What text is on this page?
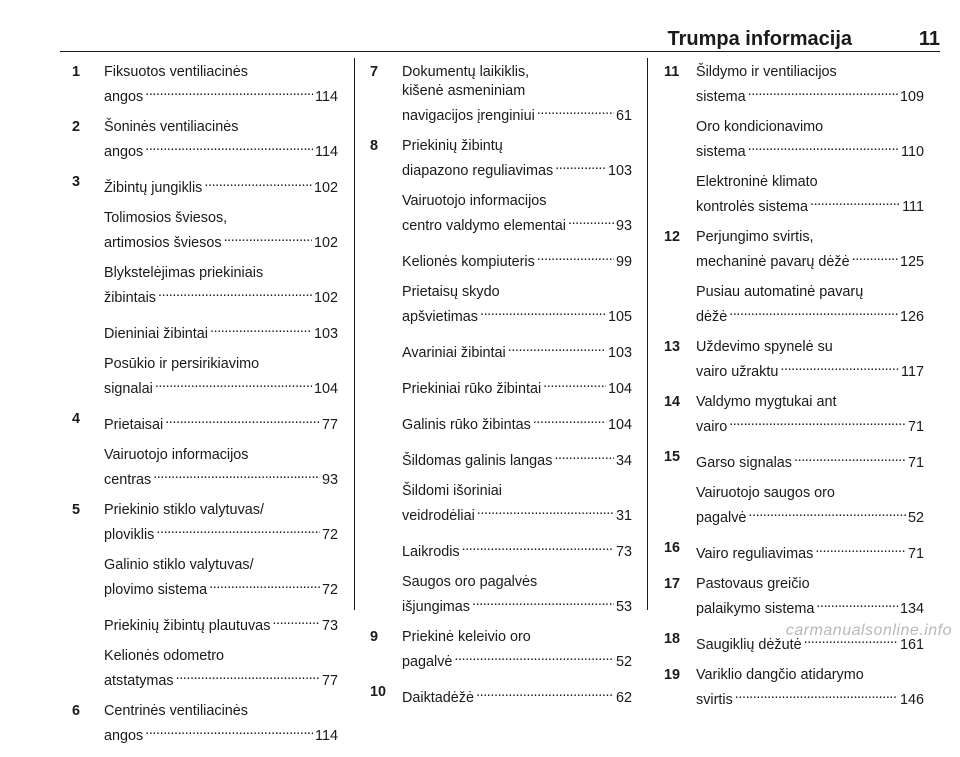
Trumpa informacija	11
1 Fiksuotos ventiliacinės
angos . . .	114
2 Šoninės ventiliacinės
angos . . .	114
3 Žibintų jungiklis . . .	102
Tolimosios šviesos,
artimosios šviesos . . .	102
Blykstelėjimas priekiniais
žibintais . . .	102
Dieniniai žibintai . . .	103
Posūkio ir persirikiavimo
signalai . . .	104
4 Prietaisai . . .	77
Vairuotojo informacijos
centras . . .	93
5 Priekinio stiklo valytuvas/
ploviklis . . .	72
Galinio stiklo valytuvas/
plovimo sistema . . .	72
Priekinių žibintų plautuvas . . .	73
Kelionės odometro
atstatymas . . .	77
6 Centrinės ventiliacinės
angos . . .	114
7 Dokumentų laikiklis,
kišenė asmeniniam
navigacijos įrenginiui . . .	61
8 Priekinių žibintų
diapazono reguliavimas . . .	103
Vairuotojo informacijos
centro valdymo elementai . . .	93
Kelionės kompiuteris . . .	99
Prietaisų skydo
apšvietimas . . .	105
Avariniai žibintai . . .	103
Priekiniai rūko žibintai . . .	104
Galinis rūko žibintas . . .	104
Šildomas galinis langas . . .	34
Šildomi išoriniai
veidrodėliai . . .	31
Laikrodis . . .	73
Saugos oro pagalvės
išjungimas . . .	53
9 Priekinė keleivio oro
pagalvė . . .	52
10 Daiktadėžė . . .	62
11 Šildymo ir ventiliacijos
sistema . . .	109
Oro kondicionavimo
sistema . . .	110
Elektroninė klimato
kontrolės sistema . . .	111
12 Perjungimo svirtis,
mechaninė pavarų dėžė . . .	125
Pusiau automatinė pavarų
dėžė . . .	126
13 Uždevimo spynelė su
vairo užraktu . . .	117
14 Valdymo mygtukai ant
vairo . . .	71
15 Garso signalas . . .	71
Vairuotojo saugos oro
pagalvė . . .	52
16 Vairo reguliavimas . . .	71
17 Pastovaus greičio
palaikymo sistema . . .	134
18 Saugiklių dėžutė . . .	161
19 Variklio dangčio atidarymo
svirtis . . .	146
carmanualsonline.info
